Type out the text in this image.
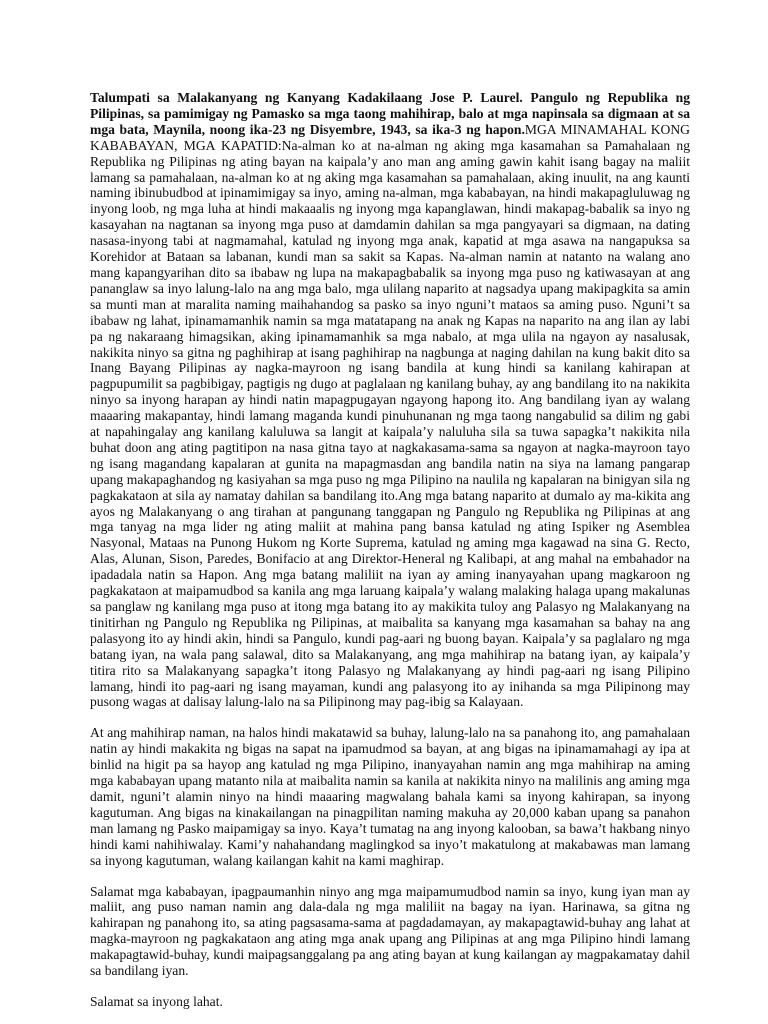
Talumpati sa Malakanyang ng Kanyang Kadakilaang Jose P. Laurel. Pangulo ng Republika ng Pilipinas, sa pamimigay ng Pamasko sa mga taong mahihirap, balo at mga napinsala sa digmaan at sa mga bata, Maynila, noong ika-23 ng Disyembre, 1943, sa ika-3 ng hapon.MGA MINAMAHAL KONG KABABAYAN, MGA KAPATID:Na-alman ko at na-alman ng aking mga kasamahan sa Pamahalaan ng Republika ng Pilipinas ng ating bayan na kaipala’y ano man ang aming gawin kahit isang bagay na maliit lamang sa pamahalaan, na-alman ko at ng aking mga kasamahan sa pamahalaan, aking inuulit, na ang kaunti naming ibinubudbod at ipinamimigay sa inyo, aming na-alman, mga kababayan, na hindi makapagluluwag ng inyong loob, ng mga luha at hindi makaaalis ng inyong mga kapanglawan, hindi makapag-babalik sa inyo ng kasayahan na nagtanan sa inyong mga puso at damdamin dahilan sa mga pangyayari sa digmaan, na dating nasasa-inyong tabi at nagmamahal, katulad ng inyong mga anak, kapatid at mga asawa na nangapuksa sa Korehidor at Bataan sa labanan, kundi man sa sakit sa Kapas. Na-alman namin at natanto na walang ano mang kapangyarihan dito sa ibabaw ng lupa na makapagbabalik sa inyong mga puso ng katiwasayan at ang pananglaw sa inyo lalung-lalo na ang mga balo, mga ulilang naparito at nagsadya upang makipagkita sa amin sa munti man at maralita naming maihahandog sa pasko sa inyo nguni’t mataos sa aming puso. Nguni’t sa ibabaw ng lahat, ipinamamanhik namin sa mga matatapang na anak ng Kapas na naparito na ang ilan ay labi pa ng nakaraang himagsikan, aking ipinamamanhik sa mga nabalo, at mga ulila na ngayon ay nasalusak, nakikita ninyo sa gitna ng paghihirap at isang paghihirap na nagbunga at naging dahilan na kung bakit dito sa Inang Bayang Pilipinas ay nagka-mayroon ng isang bandila at kung hindi sa kanilang kahirapan at pagpupumilit sa pagbibigay, pagtigis ng dugo at paglalaan ng kanilang buhay, ay ang bandilang ito na nakikita ninyo sa inyong harapan ay hindi natin mapagpugayan ngayong hapong ito. Ang bandilang iyan ay walang maaaring makapantay, hindi lamang maganda kundi pinuhunanan ng mga taong nangabulid sa dilim ng gabi at napahingalay ang kanilang kaluluwa sa langit at kaipala’y naluluha sila sa tuwa sapagka’t nakikita nila buhat doon ang ating pagtitipon na nasa gitna tayo at nagkakasama-sama sa ngayon at nagka-mayroon tayo ng isang magandang kapalaran at gunita na mapagmasdan ang bandila natin na siya na lamang pangarap upang makapaghandog ng kasiyahan sa mga puso ng mga Pilipino na naulila ng kapalaran na binigyan sila ng pagkakataon at sila ay namatay dahilan sa bandilang ito.Ang mga batang naparito at dumalo ay ma-kikita ang ayos ng Malakanyang o ang tirahan at pangunang tanggapan ng Pangulo ng Republika ng Pilipinas at ang mga tanyag na mga lider ng ating maliit at mahina pang bansa katulad ng ating Ispiker ng Asemblea Nasyonal, Mataas na Punong Hukom ng Korte Suprema, katulad ng aming mga kagawad na sina G. Recto, Alas, Alunan, Sison, Paredes, Bonifacio at ang Direktor-Heneral ng Kalibapi, at ang mahal na embahador na ipadadala natin sa Hapon. Ang mga batang maliliit na iyan ay aming inanyayahan upang magkaroon ng pagkakataon at maipamudbod sa kanila ang mga laruang kaipala’y walang malaking halaga upang makalunas sa panglaw ng kanilang mga puso at itong mga batang ito ay makikita tuloy ang Palasyo ng Malakanyang na tinitirhan ng Pangulo ng Republika ng Pilipinas, at maibalita sa kanyang mga kasamahan sa bahay na ang palasyong ito ay hindi akin, hindi sa Pangulo, kundi pag-aari ng buong bayan. Kaipala’y sa paglalaro ng mga batang iyan, na wala pang salawal, dito sa Malakanyang, ang mga mahihirap na batang iyan, ay kaipala’y titira rito sa Malakanyang sapagka’t itong Palasyo ng Malakanyang ay hindi pag-aari ng isang Pilipino lamang, hindi ito pag-aari ng isang mayaman, kundi ang palasyong ito ay inihanda sa mga Pilipinong may pusong wagas at dalisay lalung-lalo na sa Pilipinong may pag-ibig sa Kalayaan.

At ang mahihirap naman, na halos hindi makatawid sa buhay, lalung-lalo na sa panahong ito, ang pamahalaan natin ay hindi makakita ng bigas na sapat na ipamudmod sa bayan, at ang bigas na ipinamamahagi ay ipa at binlid na higit pa sa hayop ang katulad ng mga Pilipino, inanyayahan namin ang mga mahihirap na aming mga kababayan upang matanto nila at maibalita namin sa kanila at nakikita ninyo na malilinis ang aming mga damit, nguni’t alamin ninyo na hindi maaaring magwalang bahala kami sa inyong kahirapan, sa inyong kagutuman. Ang bigas na kinakailangan na pinagpilitan naming makuha ay 20,000 kaban upang sa panahon man lamang ng Pasko maipamigay sa inyo. Kaya’t tumatag na ang inyong kalooban, sa bawa’t hakbang ninyo hindi kami nahihiwalay. Kami’y nahahandang maglingkod sa inyo’t makatulong at makabawas man lamang sa inyong kagutuman, walang kailangan kahit na kami maghirap.

Salamat mga kababayan, ipagpaumanhin ninyo ang mga maipamumudbod namin sa inyo, kung iyan man ay maliit, ang puso naman namin ang dala-dala ng mga maliliit na bagay na iyan. Harinawa, sa gitna ng kahirapan ng panahong ito, sa ating pagsasama-sama at pagdadamayan, ay makapagtawid-buhay ang lahat at magka-mayroon ng pagkakataon ang ating mga anak upang ang Pilipinas at ang mga Pilipino hindi lamang makapagtawid-buhay, kundi maipagsanggalang pa ang ating bayan at kung kailangan ay magpakamatay dahil sa bandilang iyan.

Salamat sa inyong lahat.
